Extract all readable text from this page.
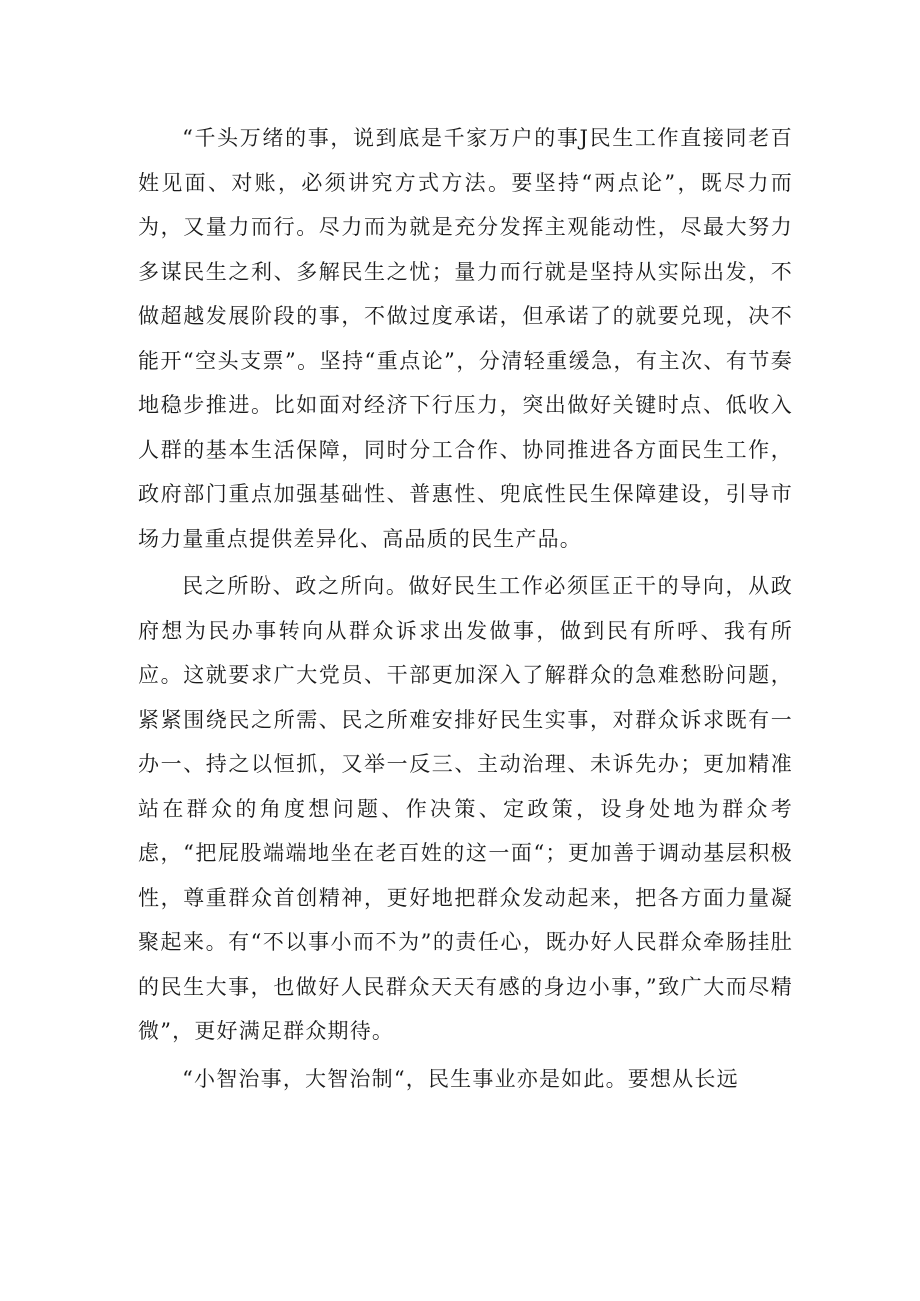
“千头万绪的事，说到底是千家万户的事J民生工作直接同老百姓见面、对账，必须讲究方式方法。要坚持“两点论”，既尽力而为，又量力而行。尽力而为就是充分发挥主观能动性，尽最大努力多谋民生之利、多解民生之忧；量力而行就是坚持从实际出发，不做超越发展阶段的事，不做过度承诺，但承诺了的就要兑现，决不能开“空头支票”。坚持“重点论”，分清轻重缓急，有主次、有节奏地稳步推进。比如面对经济下行压力，突出做好关键时点、低收入人群的基本生活保障，同时分工合作、协同推进各方面民生工作，政府部门重点加强基础性、普惠性、兜底性民生保障建设，引导市场力量重点提供差异化、高品质的民生产品。

民之所盼、政之所向。做好民生工作必须匡正干的导向，从政府想为民办事转向从群众诉求出发做事，做到民有所呼、我有所应。这就要求广大党员、干部更加深入了解群众的急难愁盼问题，紧紧围绕民之所需、民之所难安排好民生实事，对群众诉求既有一办一、持之以恒抓，又举一反三、主动治理、未诉先办；更加精准站在群众的角度想问题、作决策、定政策，设身处地为群众考虑，“把屁股端端地坐在老百姓的这一面“；更加善于调动基层积极性，尊重群众首创精神，更好地把群众发动起来，把各方面力量凝聚起来。有“不以事小而不为”的责任心，既办好人民群众牵肠挂肚的民生大事，也做好人民群众天天有感的身边小事，”致广大而尽精微”，更好满足群众期待。

“小智治事，大智治制“，民生事业亦是如此。要想从长远
